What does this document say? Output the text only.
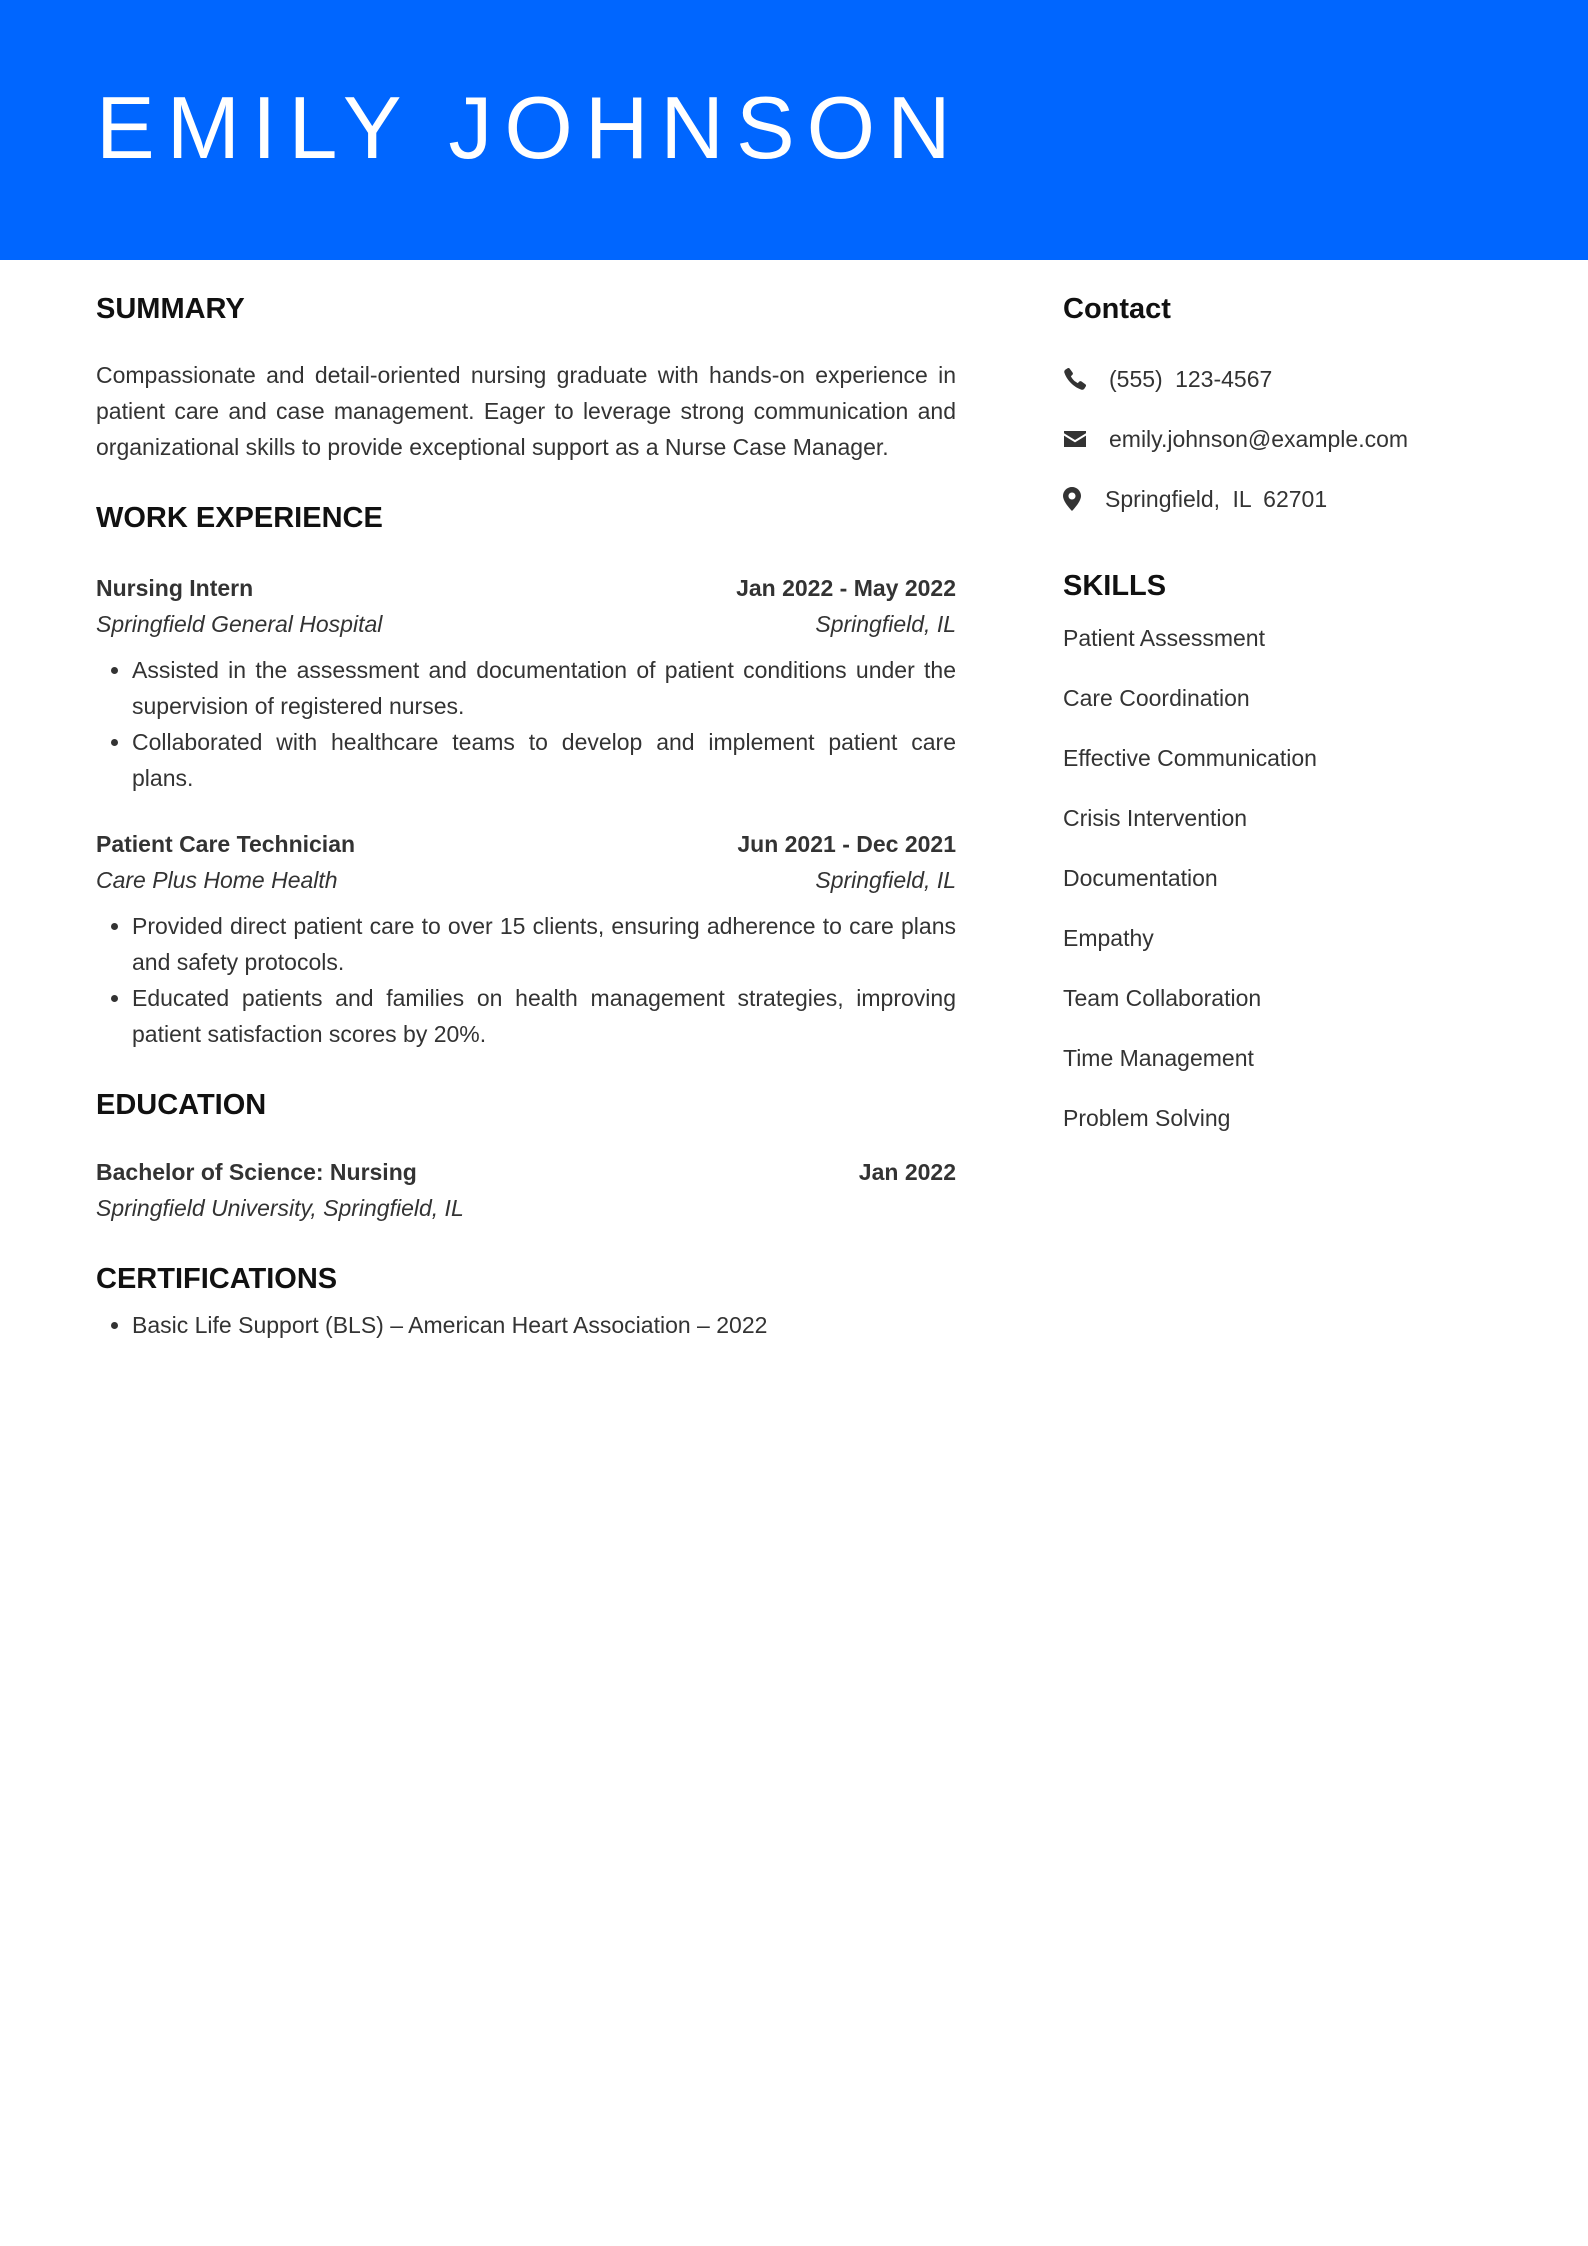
EMILY JOHNSON
SUMMARY

Compassionate and detail-oriented nursing graduate with hands-on experience in patient care and case management. Eager to leverage strong communication and organizational skills to provide exceptional support as a Nurse Case Manager.

WORK EXPERIENCE
Nursing Intern	Jan 2022 - May 2022
Springfield General Hospital	Springfield, IL
• Assisted in the assessment and documentation of patient conditions under the supervision of registered nurses.
• Collaborated with healthcare teams to develop and implement patient care plans.
Patient Care Technician	Jun 2021 - Dec 2021
Care Plus Home Health	Springfield, IL
• Provided direct patient care to over 15 clients, ensuring adherence to care plans and safety protocols.
• Educated patients and families on health management strategies, improving patient satisfaction scores by 20%.
EDUCATION
Bachelor of Science: Nursing	Jan 2022
Springfield University, Springfield, IL
CERTIFICATIONS
• Basic Life Support (BLS) – American Heart Association – 2022
Contact
(555) 123-4567
emily.johnson@example.com
Springfield, IL 62701
SKILLS
Patient Assessment
Care Coordination
Effective Communication
Crisis Intervention
Documentation
Empathy
Team Collaboration
Time Management
Problem Solving
